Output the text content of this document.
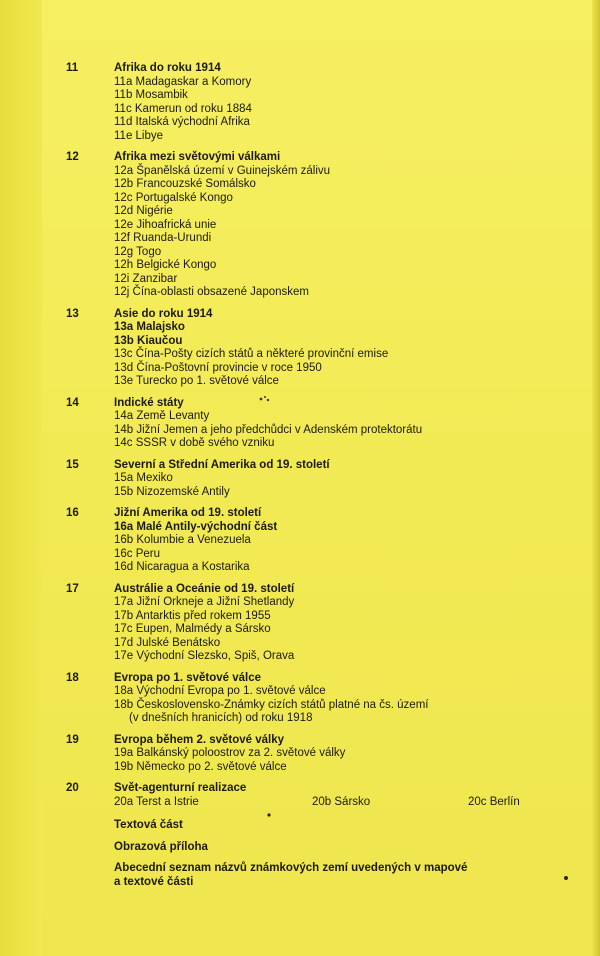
11	Afrika do roku 1914
11a Madagaskar a Komory
11b Mosambik
11c Kamerun od roku 1884
11d Italská východní Afrika
11e Libye
12	Afrika mezi světovými válkami
12a Španělská území v Guinejském zálivu
12b Francouzské Somálsko
12c Portugalské Kongo
12d Nigérie
12e Jihoafrická unie
12f Ruanda-Urundi
12g Togo
12h Belgické Kongo
12i Zanzibar
12j Čína-oblasti obsazené Japonskem
13	Asie do roku 1914
13a Malajsko
13b Kiaučou
13c Čína-Pošty cizích států a některé provinční emise
13d Čína-Poštovní provincie v roce 1950
13e Turecko po 1. světové válce
14	Indické státy
14a Země Levanty
14b Jižní Jemen a jeho předchůdci v Adenském protektorátu
14c SSSR v době svého vzniku
15	Severní a Střední Amerika od 19. století
15a Mexiko
15b Nizozemské Antily
16	Jižní Amerika od 19. století
16a Malé Antily-východní část
16b Kolumbie a Venezuela
16c Peru
16d Nicaragua a Kostarika
17	Austrálie a Oceánie od 19. století
17a Jižní Orkneje a Jižní Shetlandy
17b Antarktis před rokem 1955
17c Eupen, Malmédy a Sársko
17d Julské Benátsko
17e Východní Slezsko, Spiš, Orava
18	Evropa po 1. světové válce
18a Východní Evropa po 1. světové válce
18b Československo-Známky cizích států platné na čs. území
(v dnešních hranicích) od roku 1918
19	Evropa během 2. světové války
19a Balkánský poloostrov za 2. světové války
19b Německo po 2. světové válce
20	Svět-agenturní realizace
20a Terst a Istrie	20b Sársko	20c Berlín
Textová část
Obrazová příloha
Abecední seznam názvů známkových zemí uvedených v mapové
a textové části
